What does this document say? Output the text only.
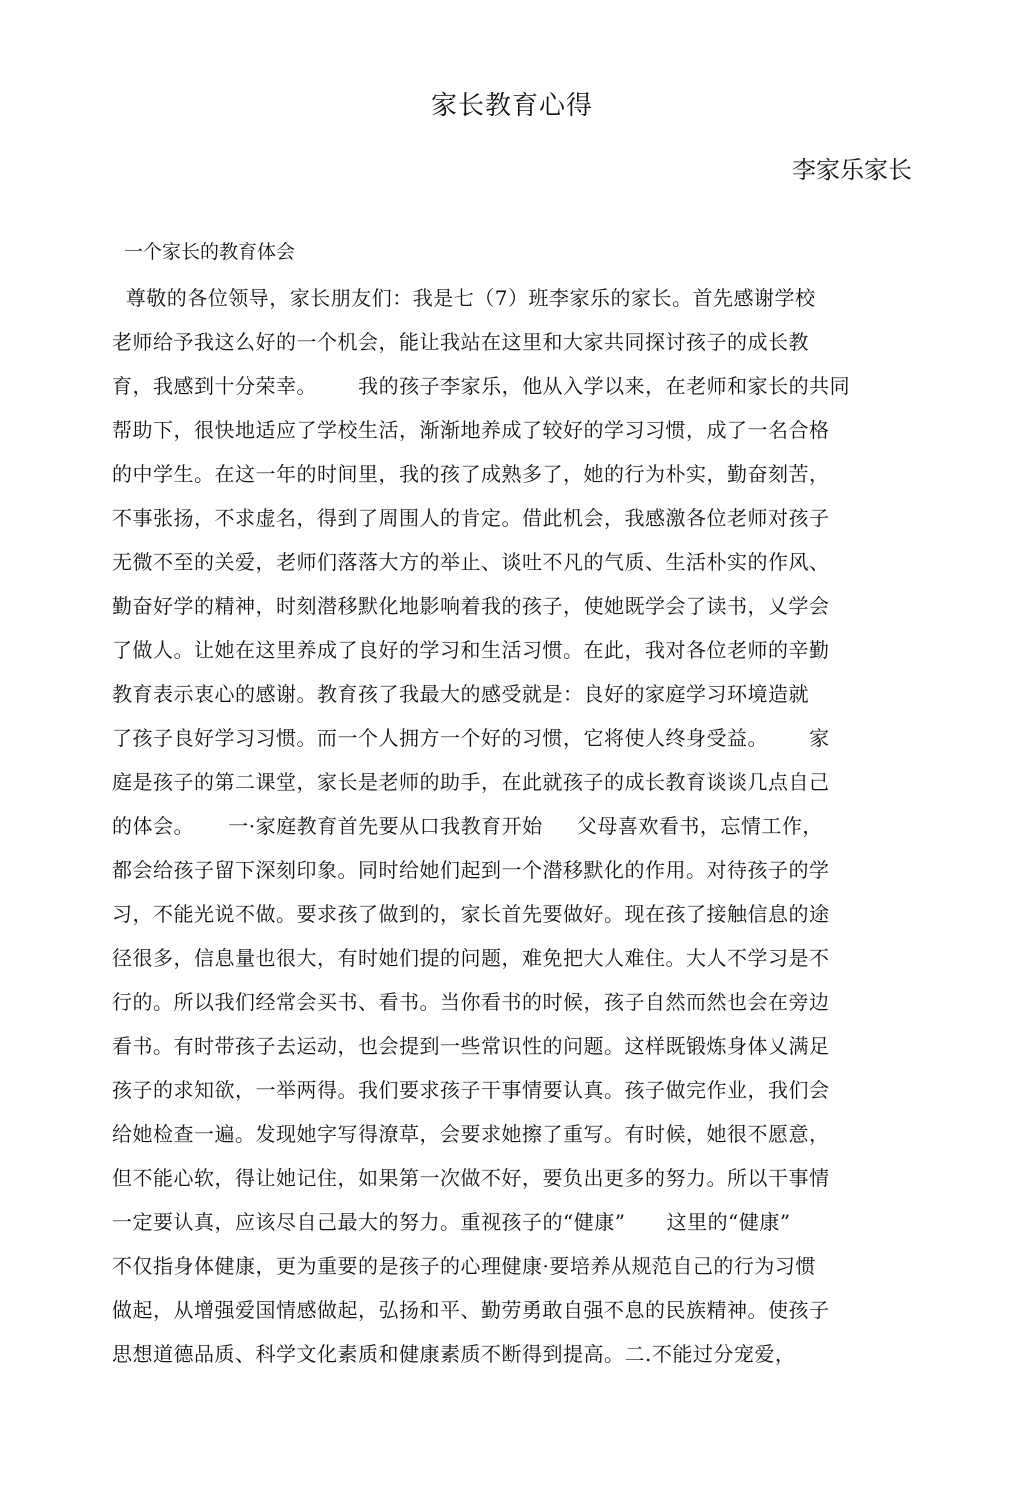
家长教育心得
李家乐家长
一个家长的教育体会
尊敬的各位领导，家长朋友们：我是七（7）班李家乐的家长。首先感谢学校
老师给予我这么好的一个机会，能让我站在这里和大家共同探讨孩子的成长教
育，我感到十分荣幸。      我的孩子李家乐，他从入学以来，在老师和家长的共同
帮助下，很快地适应了学校生活，渐渐地养成了较好的学习习惯，成了一名合格
的中学生。在这一年的时间里，我的孩了成熟多了，她的行为朴实，勤奋刻苦，
不事张扬，不求虚名，得到了周围人的肯定。借此机会，我感激各位老师对孩子
无微不至的关爱，老师们落落大方的举止、谈吐不凡的气质、生活朴实的作风、
勤奋好学的精神，时刻潜移默化地影响着我的孩子，使她既学会了读书，乂学会
了做人。让她在这里养成了良好的学习和生活习惯。在此，我对各位老师的辛勤
教育表示衷心的感谢。教育孩了我最大的感受就是：良好的家庭学习环境造就
了孩子良好学习习惯。而一个人拥方一个好的习惯，它将使人终身受益。      家
庭是孩子的第二课堂，家长是老师的助手，在此就孩子的成长教育谈谈几点自己
的体会。     一·家庭教育首先要从口我教育开始     父母喜欢看书，忘情工作，
都会给孩子留下深刻印象。同时给她们起到一个潜移默化的作用。对待孩子的学
习，不能光说不做。要求孩了做到的，家长首先要做好。现在孩了接触信息的途
径很多，信息量也很大，有时她们提的问题，难免把大人难住。大人不学习是不
行的。所以我们经常会买书、看书。当你看书的时候，孩子自然而然也会在旁边
看书。有时带孩子去运动，也会提到一些常识性的问题。这样既锻炼身体乂满足
孩子的求知欲，一举两得。我们要求孩子干事情要认真。孩子做完作业，我们会
给她检查一遍。发现她字写得潦草，会要求她擦了重写。有时候，她很不愿意，
但不能心软，得让她记住，如果第一次做不好，要负出更多的努力。所以干事情
一定要认真，应该尽自己最大的努力。重视孩子的“健康”      这里的“健康”
不仅指身体健康，更为重要的是孩子的心理健康·要培养从规范自己的行为习惯
做起，从增强爱国情感做起，弘扬和平、勤劳勇敢自强不息的民族精神。使孩子
思想道德品质、科学文化素质和健康素质不断得到提高。二.不能过分宠爱，
